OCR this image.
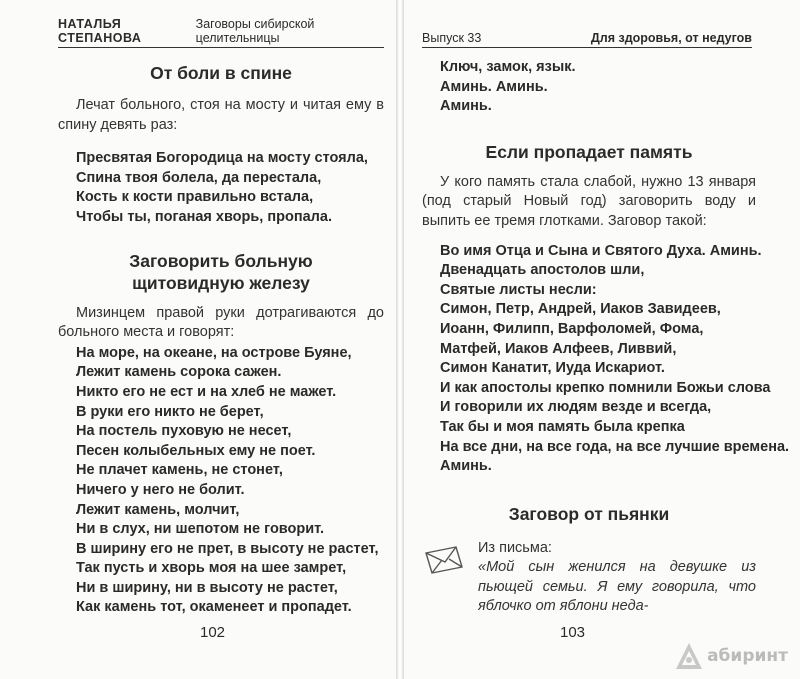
НАТАЛЬЯ СТЕПАНОВА
Заговоры сибирской целительницы
От боли в спине

Лечат больного, стоя на мосту и читая ему в спину девять раз:

Пресвятая Богородица на мосту стояла,
Спина твоя болела, да перестала,
Кость к кости правильно встала,
Чтобы ты, поганая хворь, пропала.
Заговорить больную
щитовидную железу

Мизинцем правой руки дотрагиваются до больного места и говорят:

На море, на океане, на острове Буяне,
Лежит камень сорока сажен.
Никто его не ест и на хлеб не мажет.
В руки его никто не берет,
На постель пуховую не несет,
Песен колыбельных ему не поет.
Не плачет камень, не стонет,
Ничего у него не болит.
Лежит камень, молчит,
Ни в слух, ни шепотом не говорит.
В ширину его не прет, в высоту не растет,
Так пусть и хворь моя на шее замрет,
Ни в ширину, ни в высоту не растет,
Как камень тот, окаменеет и пропадет.
102
Выпуск 33	Для здоровья, от недугов
Ключ, замок, язык.
Аминь. Аминь.
Аминь.
Если пропадает память

У кого память стала слабой, нужно 13 января (под старый Новый год) заговорить воду и выпить ее тремя глотками. Заговор такой:

Во имя Отца и Сына и Святого Духа. Аминь.
Двенадцать апостолов шли,
Святые листы несли:
Симон, Петр, Андрей, Иаков Завидеев,
Иоанн, Филипп, Варфоломей, Фома,
Матфей, Иаков Алфеев, Ливвий,
Симон Канатит, Иуда Искариот.
И как апостолы крепко помнили Божьи слова
И говорили их людям везде и всегда,
Так бы и моя память была крепка
На все дни, на все года, на все лучшие времена.
Аминь.
Заговор от пьянки
Из письма:
«Мой сын женился на девушке из пьющей семьи. Я ему говорила, что яблочко от яблони неда-
103
абиринт
